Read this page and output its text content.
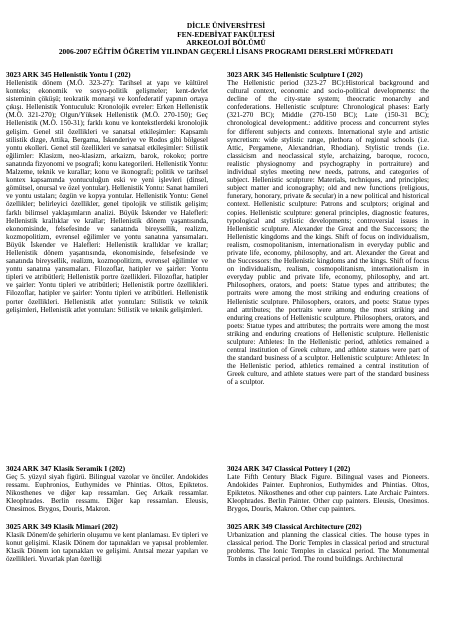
DİCLE ÜNİVERSİTESİ
FEN-EDEBİYAT FAKÜLTESİ
ARKEOLOJİ BÖLÜMÜ
2006-2007 EĞİTİM ÖĞRETİM YILINDAN GEÇERLİ LİSANS PROGRAMI DERSLERİ MÜFREDATI

3023 ARK 345 Hellenistik Yontu I (202)

Hellenistik dönem (M.Ö. 323-27): Tarihsel at yapı ve kültürel konteks; ekonomik ve sosyo-politik gelişmeler; kent-devlet sisteminin çöküşü; teokratik monarşi ve konfederatif yapının ortaya çıkışı. Hellenistik Yontuculuk: Kronolojik evreler: Erken Hellenistik (M.Ö. 321-270); Olgun/Yüksek Hellenistik (M.Ö. 270-150); Geç Hellenistik (M.Ö. 150-31); farklı konu ve kontekstlerdeki kronolojik gelişim. Genel stil özellikleri ve sanatsal etkileşimler: Kapsamlı stilistik dizge, Attika, Bergama, İskenderiye ve Rodos gibi bölgesel yontu ekolleri. Genel stil özellikleri ve sanatsal etkileşimler: Stilistik eğilimler: Klasizm, neo-klasizm, arkaizm, barok, rokoko; portre sanatında fizyonomi ve psografi; konu kategorileri. Hellenistik Yontu: Malzeme, teknik ve kurallar; konu ve ikonografi; politik ve tarihsel kontex kapsamında yontuculuğun eski ve yeni işlevleri (dinsel, gömütsel, onursal ve özel yontular). Hellenistik Yontu: Sanat hamileri ve yontu ustaları; özgün ve kopya yontular. Hellenistik Yontu: Genel özellikler; belirleyici özellikler, genel tipolojik ve stilistik gelişim; farklı bilimsel yaklaşımların analizi. Büyük İskender ve Halefleri: Hellenistik krallıklar ve krallar; Hellenistik dönem yaşantısında, ekonomisinde, felsefesinde ve sanatında bireysellik, realizm, kozmopolitizm, evrensel eğilimler ve yontu sanatına yansımaları. Büyük İskender ve Halefleri: Hellenistik krallıklar ve krallar; Hellenistik dönem yaşantısında, ekonomisinde, felsefesinde ve sanatında bireysellik, realizm, kozmopolitizm, evrensel eğilimler ve yontu sanatına yansımaları. Filozoflar, hatipler ve şairler: Yontu tipleri ve atribütleri; Hellenistik portre özellikleri. Filozoflar, hatipler ve şairler: Yontu tipleri ve atribütleri; Hellenistik portre özellikleri. Filozoflar, hatipler ve şairler: Yontu tipleri ve atribütleri. Hellenistik porter özellikleri. Hellenistik atlet yontuları: Stilistik ve teknik gelişimleri, Hellenistik atlet yontuları: Stilistik ve teknik gelişimleri.

3024 ARK 347 Klasik Seramik I (202)

Geç 5. yüzyıl siyah figürü. Bilingual vazolar ve öncüler. Andokides ressamı. Euphronios, Euthymides ve Phintias. Oltos, Epiktetos. Nikosthenes ve diğer kap ressamları. Geç Arkaik ressamlar. Kleophrades. Berlin ressamı. Diğer kap ressamları. Eleusis, Onesimos. Brygos, Douris, Makron.

3025 ARK 349 Klasik Mimari (202)

Klasik Dönem'de şehirlerin oluşumu ve kent planlaması. Ev tipleri ve konut gelişimi. Klasik Dönem dor tapınakları ve yapısal problemler. Klasik Dönem ion tapınakları ve gelişimi. Anıtsal mezar yapıları ve özellikleri. Yuvarlak plan özelliği

3023 ARK 345 Hellenistic Sculpture I (202)

The Hellenistic period (323-27 BC):Historical background and cultural context, economic and socio-political developments: the decline of the city-state system; theocratic monarchy and confederations. Hellenistic sculpture: Chronological phases: Early (321-270 BC); Middle (270-150 BC); Late (150-31 BC); chronological development.: additive process and concurrent styles for different subjects and contexts. International style and artistic syncretism: wide stylistic range, plethora of regional schools (i.e. Attic, Pergamene, Alexandrian, Rhodian). Stylistic trends (i.e. classicism and neoclassical style, archaizing, baroque, rococo, realistic physiognomy and psychography in portraiture) and individual styles meeting new needs, patrons, and categories of subject. Hellenistic sculpture: Materials, techniques, and principles; subject matter and iconography; old and new functions (religious, funerary, honorary, private & secular) in a new political and historical context. Hellenistic sculpture: Patrons and sculptors; original and copies. Hellenistic sculpture: general principles, diagnostic features, typological and stylistic developments; controversial issues in Hellenistic sculpture. Alexander the Great and the Successors; the Hellenistic kingdoms and the kings. Shift of focus on individualism, realism, cosmopolitanism, internationalism in everyday public and private life, economy, philosophy, and art. Alexander the Great and the Successors: the Hellenistic kingdoms and the kings. Shift of focus on individualism, realism, cosmopolitanism, internationalism in everyday public and private life, economy, philosophy, and art. Philosophers, orators, and poets: Statue types and attributes; the portraits were among the most striking and enduring creations of Hellenistic sculpture. Philosophers, orators, and poets: Statue types and attributes; the portraits were among the most striking and enduring creations of Hellenistic sculpture. Philosophers, orators, and poets: Statue types and attributes; the portraits were among the most striking and enduring creations of Hellenistic sculpture. Hellenistic sculpture: Athletes: In the Hellenistic period, athletics remained a central institution of Greek culture, and athlete statues were part of the standard business of a sculptor. Hellenistic sculpture: Athletes: In the Hellenistic period, athletics remained a central institution of Greek culture, and athlete statues were part of the standard business of a sculptor.

3024 ARK 347 Classical Pottery I (202)

Late Fifth Century Black Figure. Bilingual vases and Pioneers. Andokides Painter. Euphronios, Euthymides and Phintias. Oltos, Epiktetos. Nikosthenes and other cup painters. Late Archaic Painters. Kleophrades. Berlin Painter. Other cup painters. Eleusis, Onesimos. Brygos, Douris, Makron. Other cup painters.

3025 ARK 349 Classical Architecture (202)

Urbanization and planning the classical cities. The house types in classical period. The Doric Temples in classical period and structural problems. The Ionic Temples in classical period. The Monumental Tombs in classical period. The round buildings. Architectural
